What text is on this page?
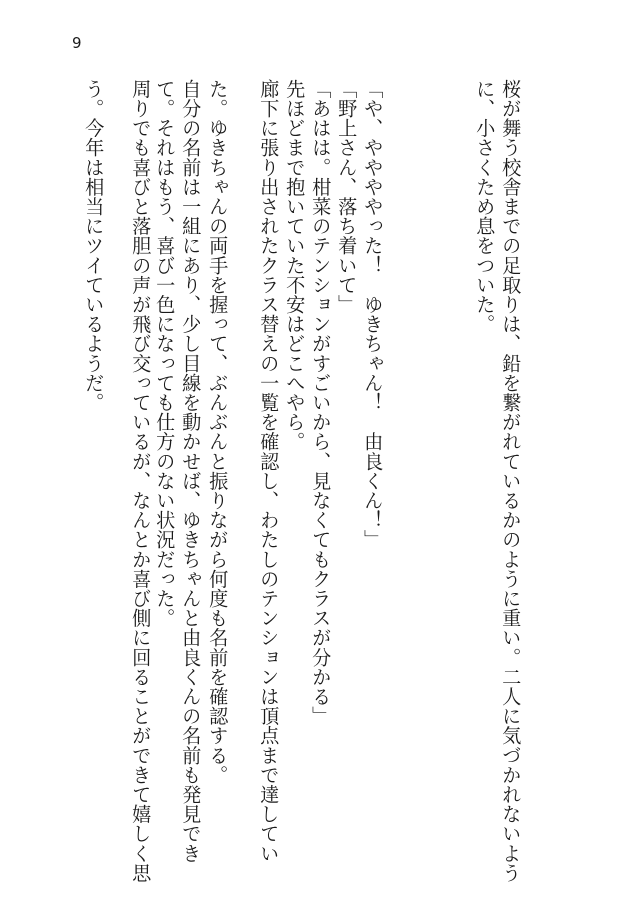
9
桜が舞う校舎までの足取りは、鉛を繋がれているかのように重い。二人に気づかれないよう
に、小さくため息をついた。
「や、ややややった！　ゆきちゃん！　由良くん！」
「野上さん、落ち着いて」
「あはは。柑菜のテンションがすごいから、見なくてもクラスが分かる」
先ほどまで抱いていた不安はどこへやら。
廊下に張り出されたクラス替えの一覧を確認し、わたしのテンションは頂点まで達してい
た。ゆきちゃんの両手を握って、ぶんぶんと振りながら何度も名前を確認する。
自分の名前は一組にあり、少し目線を動かせば、ゆきちゃんと由良くんの名前も発見でき
て。それはもう、喜び一色になっても仕方のない状況だった。
周りでも喜びと落胆の声が飛び交っているが、なんとか喜び側に回ることができて嬉しく思
う。今年は相当にツイているようだ。
